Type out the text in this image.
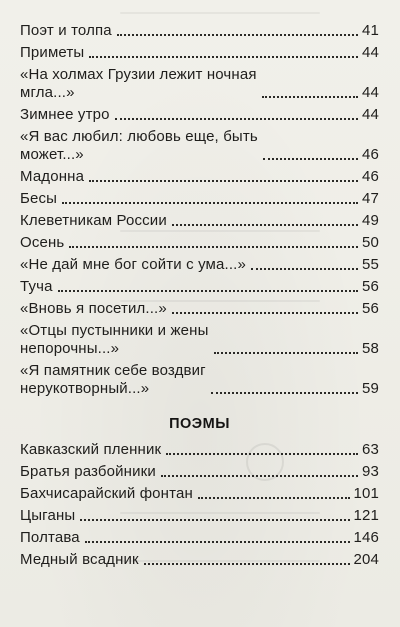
Поэт и толпа	41
Приметы	44
«На холмах Грузии лежит ночная
мгла...»	44
Зимнее утро	44
«Я вас любил: любовь еще, быть
может...»	46
Мадонна	46
Бесы	47
Клеветникам России	49
Осень	50
«Не дай мне бог сойти с ума...»	55
Туча	56
«Вновь я посетил...»	56
«Отцы пустынники и жены
непорочны...»	58
«Я памятник себе воздвиг
нерукотворный...»	59
ПОЭМЫ
Кавказский пленник	63
Братья разбойники	93
Бахчисарайский фонтан	101
Цыганы	121
Полтава	146
Медный всадник	204
